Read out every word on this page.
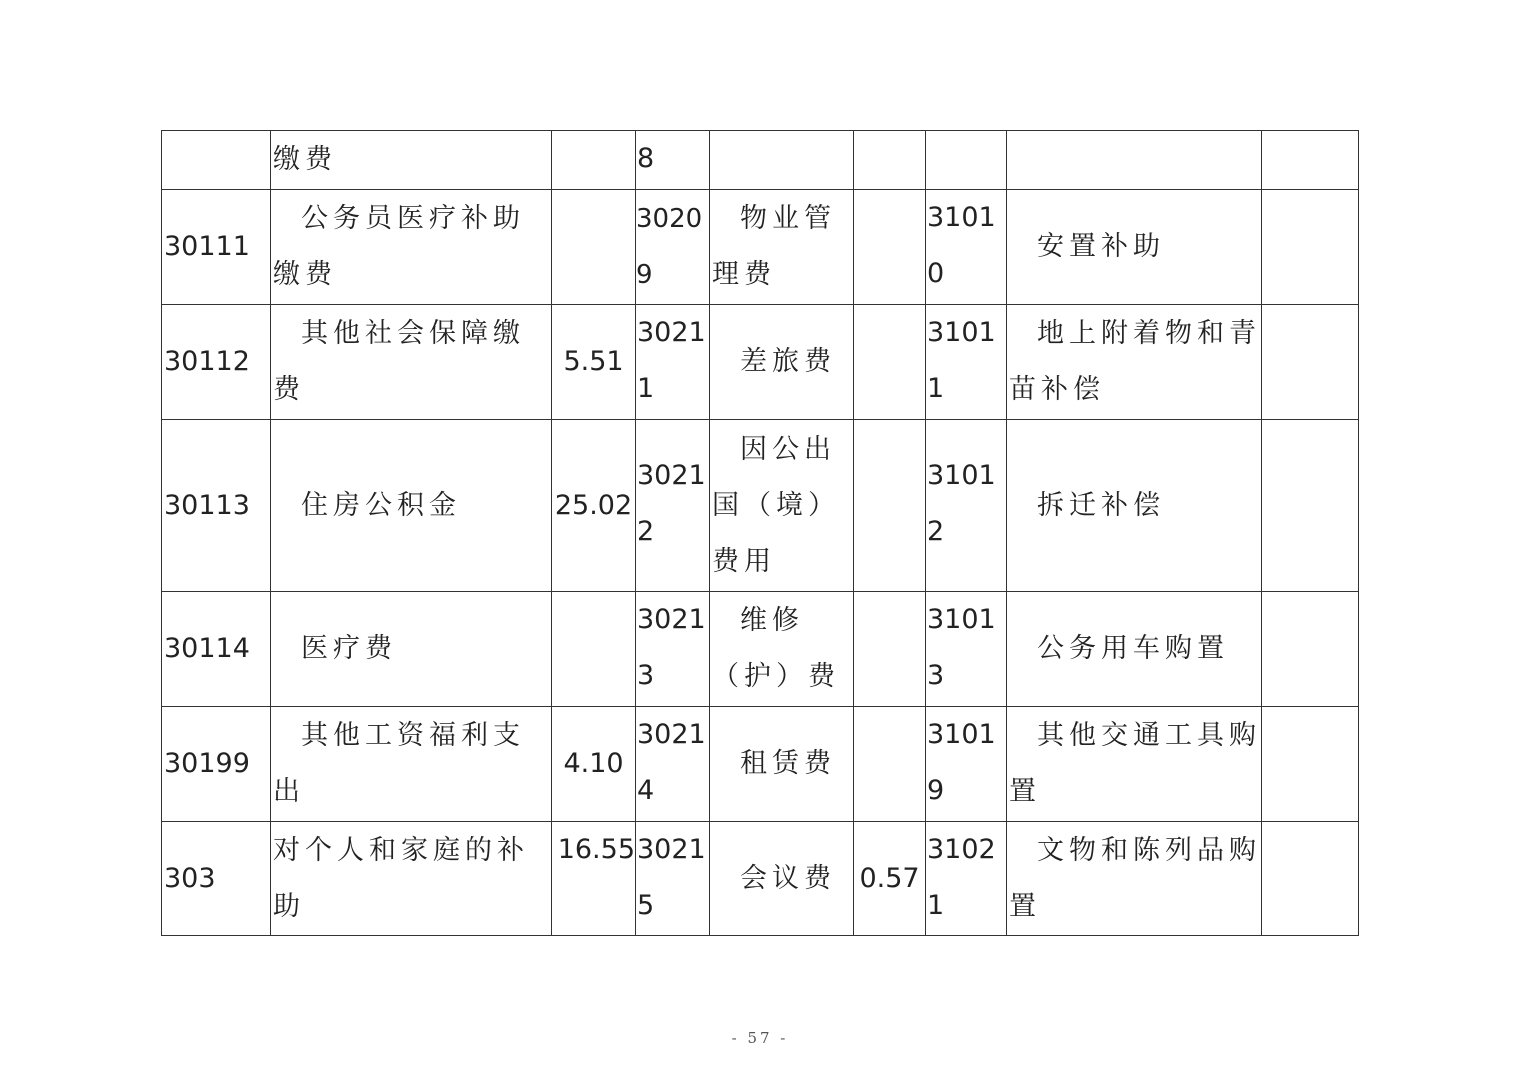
	缴费		8					
30111	公务员医疗补助缴费		30209	物业管理费		31010	安置补助	
30112	其他社会保障缴费	5.51	30211	差旅费		31011	地上附着物和青苗补偿	
30113	住房公积金	25.02	30212	因公出国（境）费用		31012	拆迁补偿	
30114	医疗费		30213	维修（护）费		31013	公务用车购置	
30199	其他工资福利支出	4.10	30214	租赁费		31019	其他交通工具购置	
303	对个人和家庭的补助	16.55	30215	会议费	0.57	31021	文物和陈列品购置	
- 57 -
